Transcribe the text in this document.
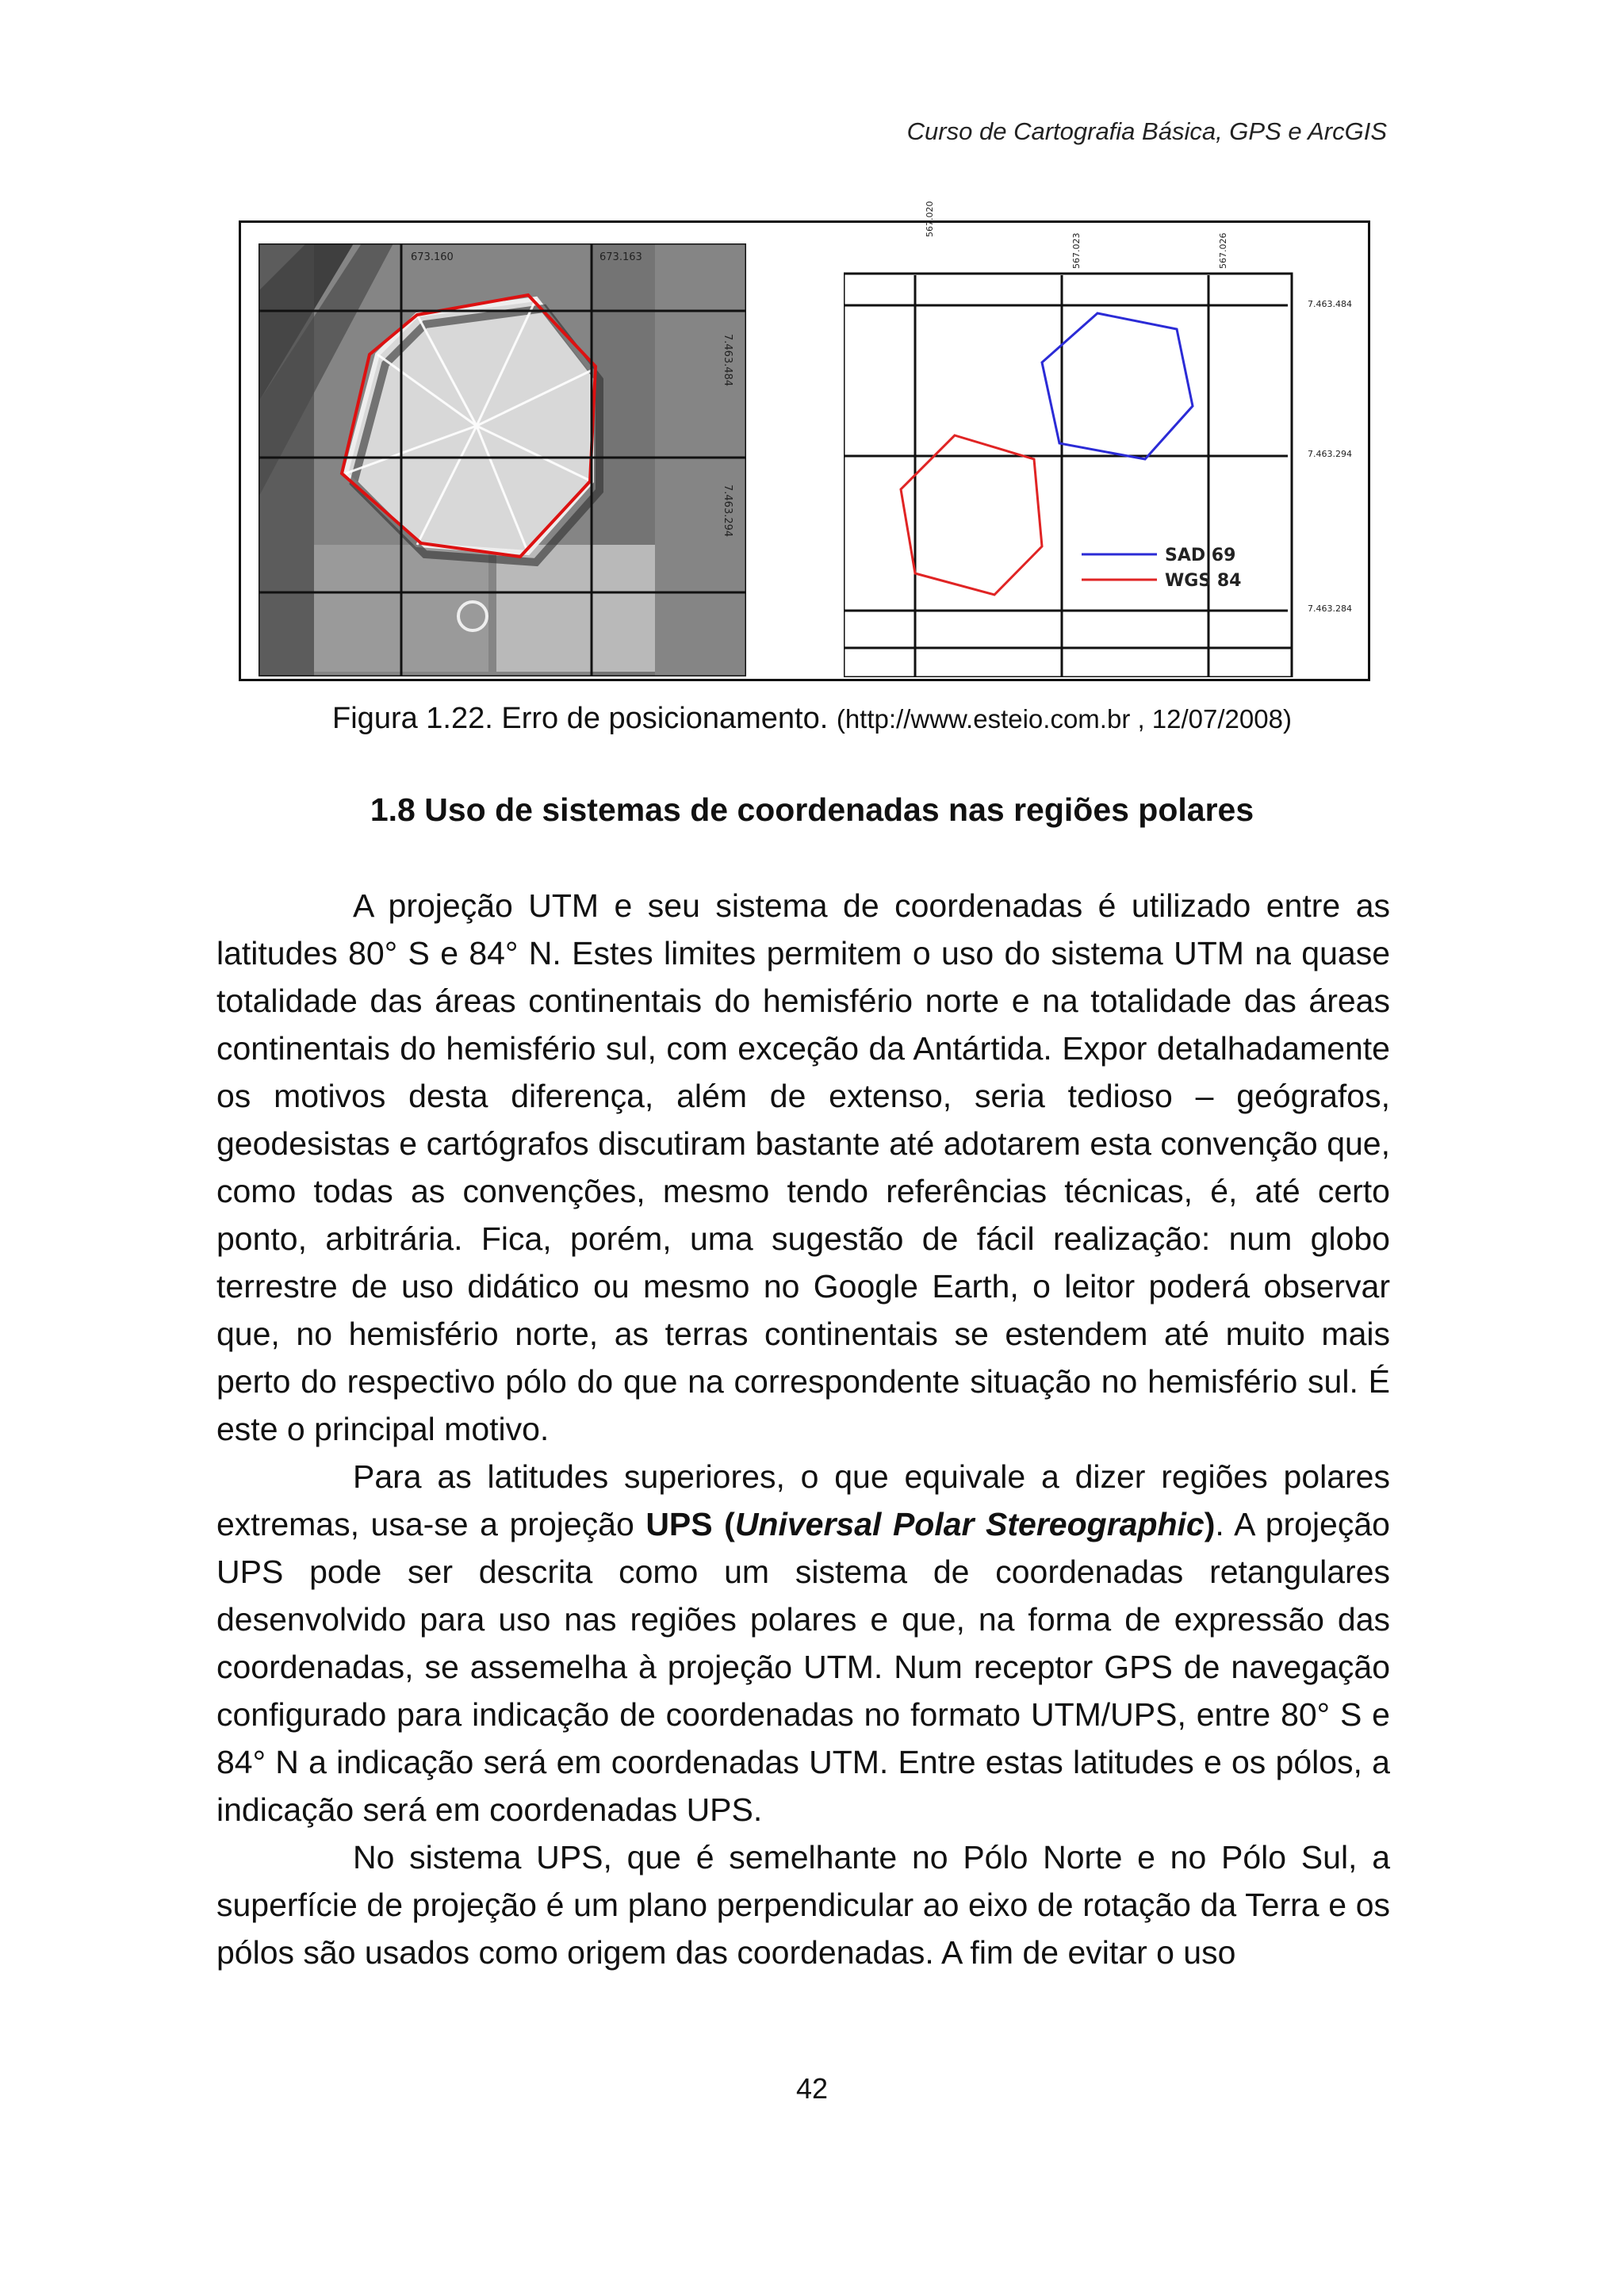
Curso de Cartografia Básica, GPS e ArcGIS
673.160	673.163
7.463.484
7.463.294
SAD 69
WGS 84
567.020
567.023	567.026
7.463.484
7.463.294
7.463.284
Figura 1.22. Erro de posicionamento. (http://www.esteio.com.br , 12/07/2008)
1.8 Uso de sistemas de coordenadas nas regiões polares

A projeção UTM e seu sistema de coordenadas é utilizado entre as latitudes 80° S e 84° N. Estes limites permitem o uso do sistema UTM na quase totalidade das áreas continentais do hemisfério norte e na totalidade das áreas continentais do hemisfério sul, com exceção da Antártida. Expor detalhadamente os motivos desta diferença, além de extenso, seria tedioso – geógrafos, geodesistas e cartógrafos discutiram bastante até adotarem esta convenção que, como todas as convenções, mesmo tendo referências técnicas, é, até certo ponto, arbitrária. Fica, porém, uma sugestão de fácil realização: num globo terrestre de uso didático ou mesmo no Google Earth, o leitor poderá observar que, no hemisfério norte, as terras continentais se estendem até muito mais perto do respectivo pólo do que na correspondente situação no hemisfério sul. É este o principal motivo.

Para as latitudes superiores, o que equivale a dizer regiões polares extremas, usa-se a projeção UPS (Universal Polar Stereographic). A projeção UPS pode ser descrita como um sistema de coordenadas retangulares desenvolvido para uso nas regiões polares e que, na forma de expressão das coordenadas, se assemelha à projeção UTM. Num receptor GPS de navegação configurado para indicação de coordenadas no formato UTM/UPS, entre 80° S e 84° N a indicação será em coordenadas UTM. Entre estas latitudes e os pólos, a indicação será em coordenadas UPS.

No sistema UPS, que é semelhante no Pólo Norte e no Pólo Sul, a superfície de projeção é um plano perpendicular ao eixo de rotação da Terra e os pólos são usados como origem das coordenadas. A fim de evitar o uso

42
